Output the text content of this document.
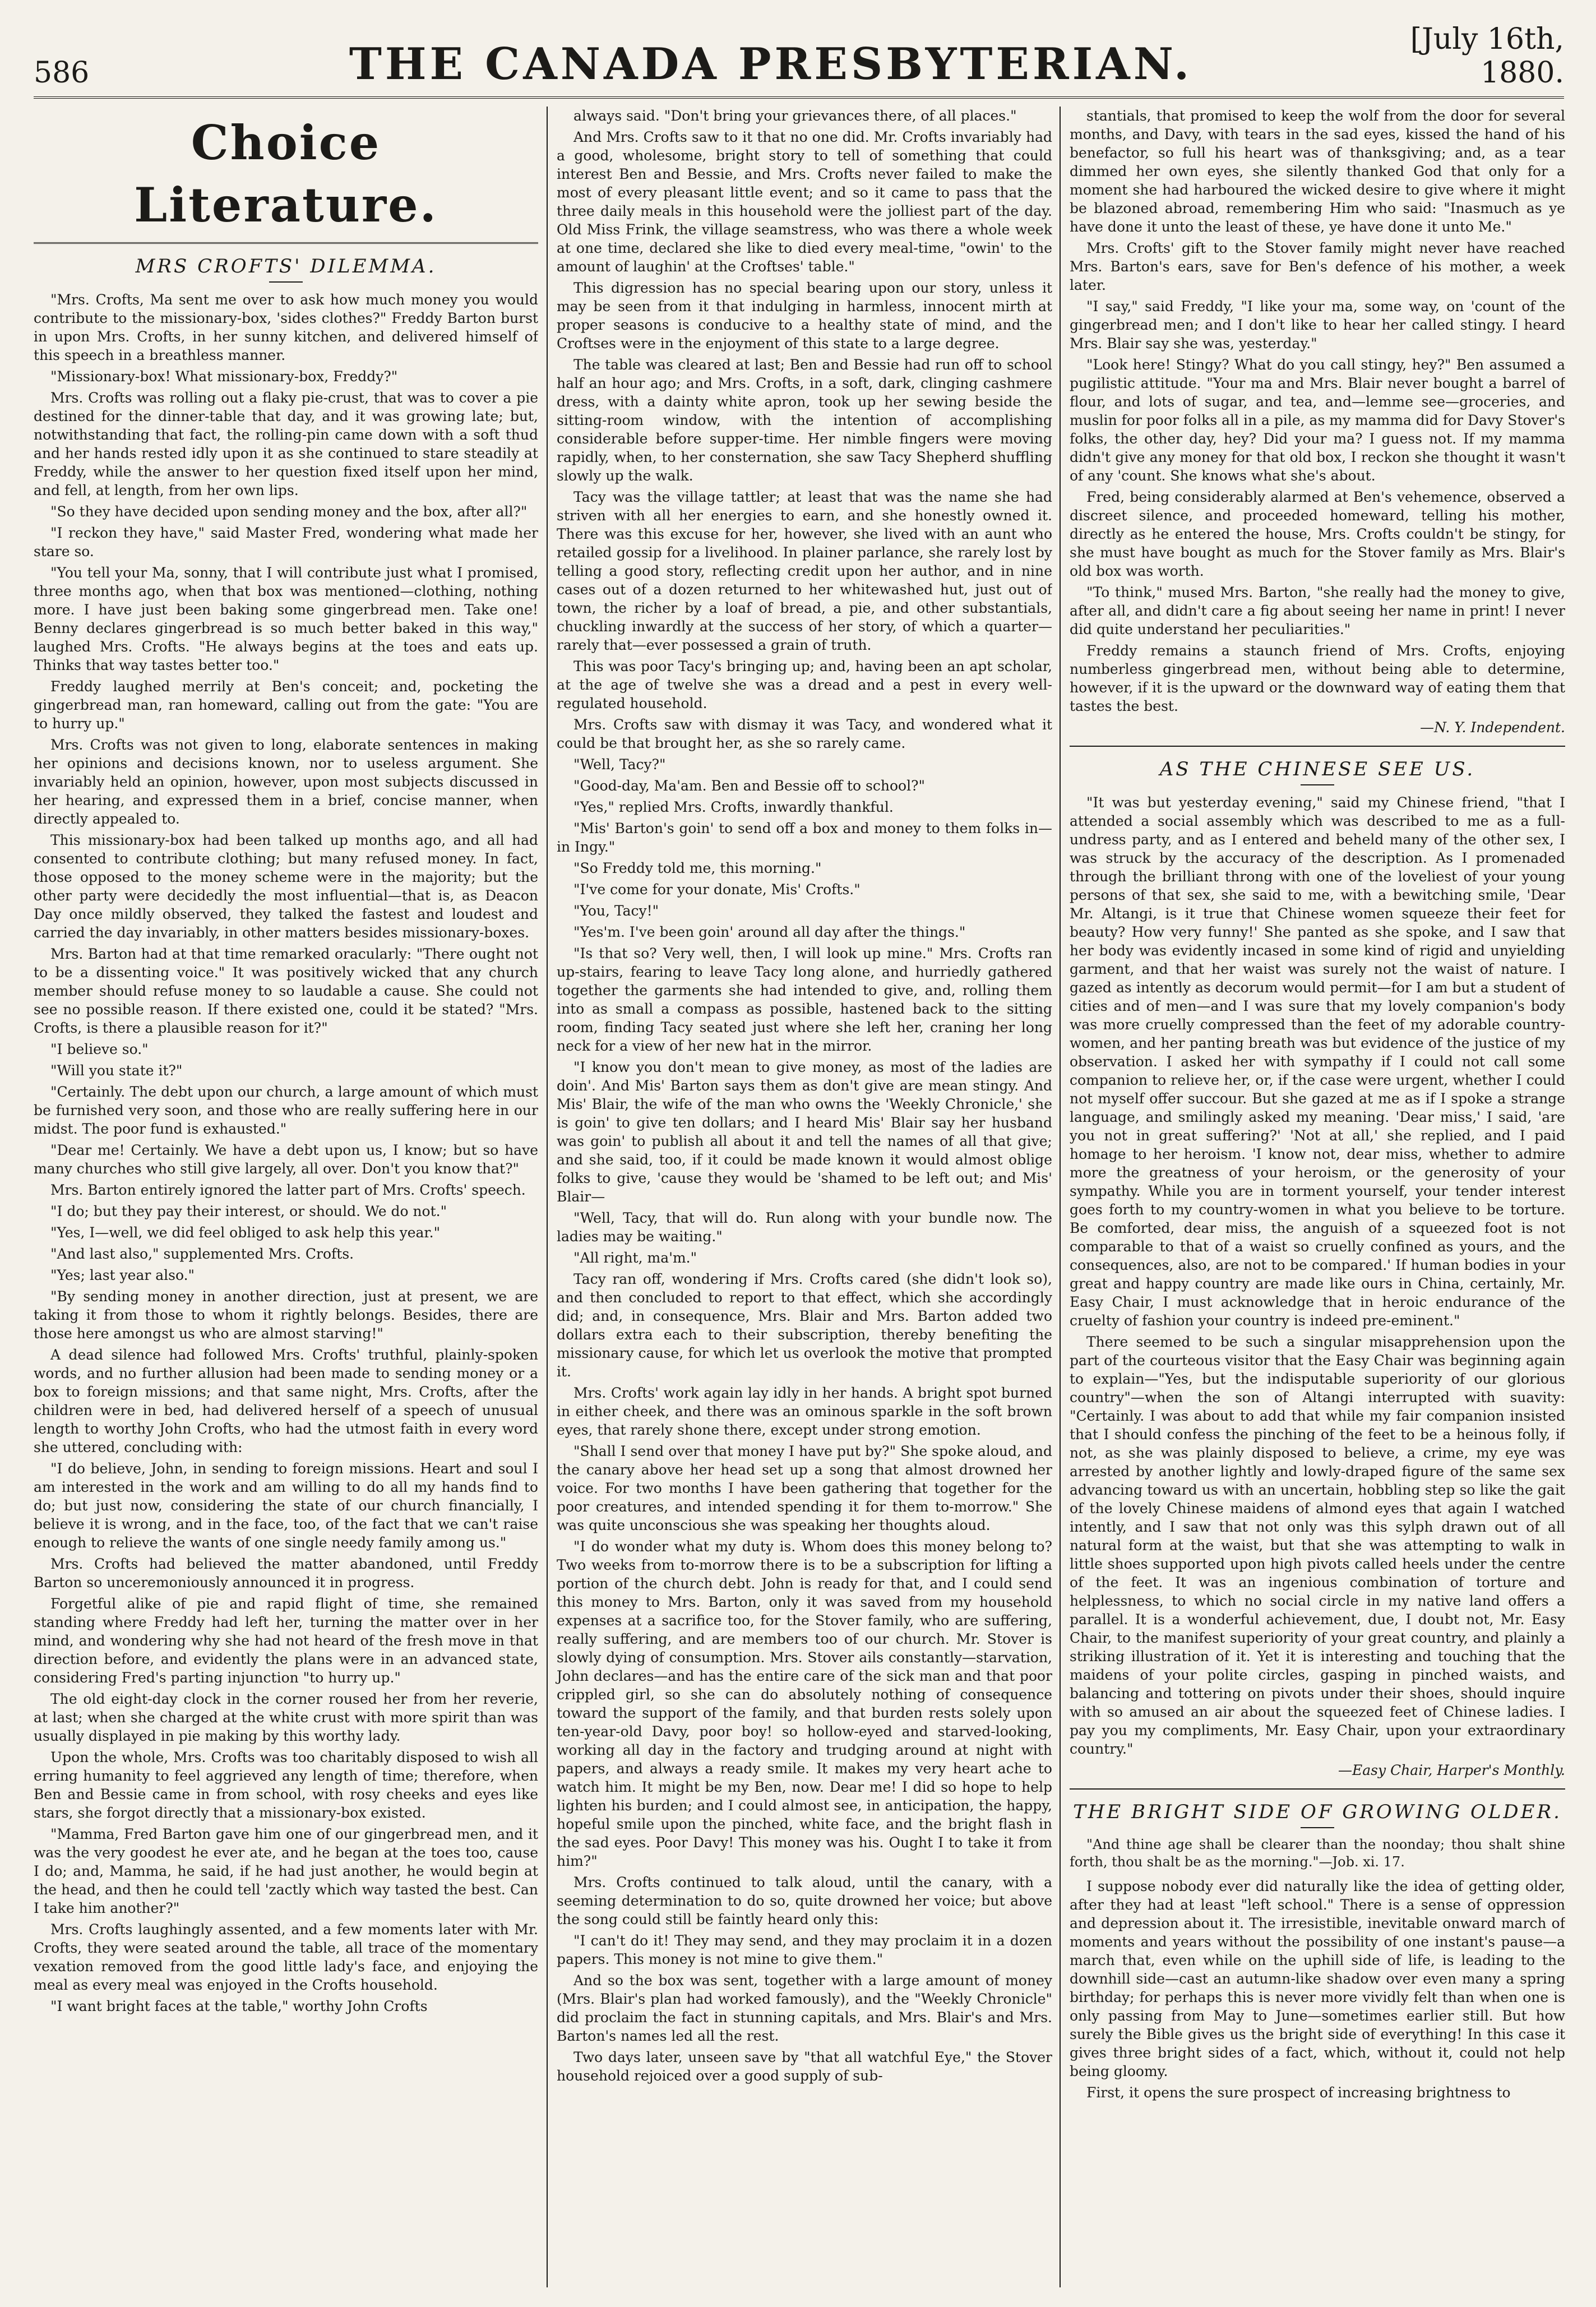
586	THE CANADA PRESBYTERIAN.	[July 16th, 1880.
Choice Literature.
MRS CROFTS' DILEMMA.

"Mrs. Crofts, Ma sent me over to ask how much money you would contribute to the missionary-box, 'sides clothes?" Freddy Barton burst in upon Mrs. Crofts, in her sunny kitchen, and delivered himself of this speech in a breathless manner.

"Missionary-box! What missionary-box, Freddy?"

Mrs. Crofts was rolling out a flaky pie-crust, that was to cover a pie destined for the dinner-table that day, and it was growing late; but, notwithstanding that fact, the rolling-pin came down with a soft thud and her hands rested idly upon it as she continued to stare steadily at Freddy, while the answer to her question fixed itself upon her mind, and fell, at length, from her own lips.

"So they have decided upon sending money and the box, after all?"

"I reckon they have," said Master Fred, wondering what made her stare so.

"You tell your Ma, sonny, that I will contribute just what I promised, three months ago, when that box was mentioned—clothing, nothing more. I have just been baking some gingerbread men. Take one! Benny declares gingerbread is so much better baked in this way," laughed Mrs. Crofts. "He always begins at the toes and eats up. Thinks that way tastes better too."

Freddy laughed merrily at Ben's conceit; and, pocketing the gingerbread man, ran homeward, calling out from the gate: "You are to hurry up."

Mrs. Crofts was not given to long, elaborate sentences in making her opinions and decisions known, nor to useless argument. She invariably held an opinion, however, upon most subjects discussed in her hearing, and expressed them in a brief, concise manner, when directly appealed to.

This missionary-box had been talked up months ago, and all had consented to contribute clothing; but many refused money. In fact, those opposed to the money scheme were in the majority; but the other party were decidedly the most influential—that is, as Deacon Day once mildly observed, they talked the fastest and loudest and carried the day invariably, in other matters besides missionary-boxes.

Mrs. Barton had at that time remarked oracularly: "There ought not to be a dissenting voice." It was positively wicked that any church member should refuse money to so laudable a cause. She could not see no possible reason. If there existed one, could it be stated? "Mrs. Crofts, is there a plausible reason for it?"

"I believe so."

"Will you state it?"

"Certainly. The debt upon our church, a large amount of which must be furnished very soon, and those who are really suffering here in our midst. The poor fund is exhausted."

"Dear me! Certainly. We have a debt upon us, I know; but so have many churches who still give largely, all over. Don't you know that?"

Mrs. Barton entirely ignored the latter part of Mrs. Crofts' speech.

"I do; but they pay their interest, or should. We do not."

"Yes, I—well, we did feel obliged to ask help this year."

"And last also," supplemented Mrs. Crofts.

"Yes; last year also."

"By sending money in another direction, just at present, we are taking it from those to whom it rightly belongs. Besides, there are those here amongst us who are almost starving!"

A dead silence had followed Mrs. Crofts' truthful, plainly-spoken words, and no further allusion had been made to sending money or a box to foreign missions; and that same night, Mrs. Crofts, after the children were in bed, had delivered herself of a speech of unusual length to worthy John Crofts, who had the utmost faith in every word she uttered, concluding with:

"I do believe, John, in sending to foreign missions. Heart and soul I am interested in the work and am willing to do all my hands find to do; but just now, considering the state of our church financially, I believe it is wrong, and in the face, too, of the fact that we can't raise enough to relieve the wants of one single needy family among us."

Mrs. Crofts had believed the matter abandoned, until Freddy Barton so unceremoniously announced it in progress.

Forgetful alike of pie and rapid flight of time, she remained standing where Freddy had left her, turning the matter over in her mind, and wondering why she had not heard of the fresh move in that direction before, and evidently the plans were in an advanced state, considering Fred's parting injunction "to hurry up."

The old eight-day clock in the corner roused her from her reverie, at last; when she charged at the white crust with more spirit than was usually displayed in pie making by this worthy lady.

Upon the whole, Mrs. Crofts was too charitably disposed to wish all erring humanity to feel aggrieved any length of time; therefore, when Ben and Bessie came in from school, with rosy cheeks and eyes like stars, she forgot directly that a missionary-box existed.

"Mamma, Fred Barton gave him one of our gingerbread men, and it was the very goodest he ever ate, and he began at the toes too, cause I do; and, Mamma, he said, if he had just another, he would begin at the head, and then he could tell 'zactly which way tasted the best. Can I take him another?"

Mrs. Crofts laughingly assented, and a few moments later with Mr. Crofts, they were seated around the table, all trace of the momentary vexation removed from the good little lady's face, and enjoying the meal as every meal was enjoyed in the Crofts household.

"I want bright faces at the table," worthy John Crofts

always said. "Don't bring your grievances there, of all places."

And Mrs. Crofts saw to it that no one did. Mr. Crofts invariably had a good, wholesome, bright story to tell of something that could interest Ben and Bessie, and Mrs. Crofts never failed to make the most of every pleasant little event; and so it came to pass that the three daily meals in this household were the jolliest part of the day. Old Miss Frink, the village seamstress, who was there a whole week at one time, declared she like to died every meal-time, "owin' to the amount of laughin' at the Croftses' table."

This digression has no special bearing upon our story, unless it may be seen from it that indulging in harmless, innocent mirth at proper seasons is conducive to a healthy state of mind, and the Croftses were in the enjoyment of this state to a large degree.

The table was cleared at last; Ben and Bessie had run off to school half an hour ago; and Mrs. Crofts, in a soft, dark, clinging cashmere dress, with a dainty white apron, took up her sewing beside the sitting-room window, with the intention of accomplishing considerable before supper-time. Her nimble fingers were moving rapidly, when, to her consternation, she saw Tacy Shepherd shuffling slowly up the walk.

Tacy was the village tattler; at least that was the name she had striven with all her energies to earn, and she honestly owned it. There was this excuse for her, however, she lived with an aunt who retailed gossip for a livelihood. In plainer parlance, she rarely lost by telling a good story, reflecting credit upon her author, and in nine cases out of a dozen returned to her whitewashed hut, just out of town, the richer by a loaf of bread, a pie, and other substantials, chuckling inwardly at the success of her story, of which a quarter—rarely that—ever possessed a grain of truth.

This was poor Tacy's bringing up; and, having been an apt scholar, at the age of twelve she was a dread and a pest in every well-regulated household.

Mrs. Crofts saw with dismay it was Tacy, and wondered what it could be that brought her, as she so rarely came.

"Well, Tacy?"

"Good-day, Ma'am. Ben and Bessie off to school?"

"Yes," replied Mrs. Crofts, inwardly thankful.

"Mis' Barton's goin' to send off a box and money to them folks in—in Ingy."

"So Freddy told me, this morning."

"I've come for your donate, Mis' Crofts."

"You, Tacy!"

"Yes'm. I've been goin' around all day after the things."

"Is that so? Very well, then, I will look up mine." Mrs. Crofts ran up-stairs, fearing to leave Tacy long alone, and hurriedly gathered together the garments she had intended to give, and, rolling them into as small a compass as possible, hastened back to the sitting room, finding Tacy seated just where she left her, craning her long neck for a view of her new hat in the mirror.

"I know you don't mean to give money, as most of the ladies are doin'. And Mis' Barton says them as don't give are mean stingy. And Mis' Blair, the wife of the man who owns the 'Weekly Chronicle,' she is goin' to give ten dollars; and I heard Mis' Blair say her husband was goin' to publish all about it and tell the names of all that give; and she said, too, if it could be made known it would almost oblige folks to give, 'cause they would be 'shamed to be left out; and Mis' Blair—

"Well, Tacy, that will do. Run along with your bundle now. The ladies may be waiting."

"All right, ma'm."

Tacy ran off, wondering if Mrs. Crofts cared (she didn't look so), and then concluded to report to that effect, which she accordingly did; and, in consequence, Mrs. Blair and Mrs. Barton added two dollars extra each to their subscription, thereby benefiting the missionary cause, for which let us overlook the motive that prompted it.

Mrs. Crofts' work again lay idly in her hands. A bright spot burned in either cheek, and there was an ominous sparkle in the soft brown eyes, that rarely shone there, except under strong emotion.

"Shall I send over that money I have put by?" She spoke aloud, and the canary above her head set up a song that almost drowned her voice. For two months I have been gathering that together for the poor creatures, and intended spending it for them to-morrow." She was quite unconscious she was speaking her thoughts aloud.

"I do wonder what my duty is. Whom does this money belong to? Two weeks from to-morrow there is to be a subscription for lifting a portion of the church debt. John is ready for that, and I could send this money to Mrs. Barton, only it was saved from my household expenses at a sacrifice too, for the Stover family, who are suffering, really suffering, and are members too of our church. Mr. Stover is slowly dying of consumption. Mrs. Stover ails constantly—starvation, John declares—and has the entire care of the sick man and that poor crippled girl, so she can do absolutely nothing of consequence toward the support of the family, and that burden rests solely upon ten-year-old Davy, poor boy! so hollow-eyed and starved-looking, working all day in the factory and trudging around at night with papers, and always a ready smile. It makes my very heart ache to watch him. It might be my Ben, now. Dear me! I did so hope to help lighten his burden; and I could almost see, in anticipation, the happy, hopeful smile upon the pinched, white face, and the bright flash in the sad eyes. Poor Davy! This money was his. Ought I to take it from him?"

Mrs. Crofts continued to talk aloud, until the canary, with a seeming determination to do so, quite drowned her voice; but above the song could still be faintly heard only this:

"I can't do it! They may send, and they may proclaim it in a dozen papers. This money is not mine to give them."

And so the box was sent, together with a large amount of money (Mrs. Blair's plan had worked famously), and the "Weekly Chronicle" did proclaim the fact in stunning capitals, and Mrs. Blair's and Mrs. Barton's names led all the rest.

Two days later, unseen save by "that all watchful Eye," the Stover household rejoiced over a good supply of sub-

stantials, that promised to keep the wolf from the door for several months, and Davy, with tears in the sad eyes, kissed the hand of his benefactor, so full his heart was of thanksgiving; and, as a tear dimmed her own eyes, she silently thanked God that only for a moment she had harboured the wicked desire to give where it might be blazoned abroad, remembering Him who said: "Inasmuch as ye have done it unto the least of these, ye have done it unto Me."

Mrs. Crofts' gift to the Stover family might never have reached Mrs. Barton's ears, save for Ben's defence of his mother, a week later.

"I say," said Freddy, "I like your ma, some way, on 'count of the gingerbread men; and I don't like to hear her called stingy. I heard Mrs. Blair say she was, yesterday."

"Look here! Stingy? What do you call stingy, hey?" Ben assumed a pugilistic attitude. "Your ma and Mrs. Blair never bought a barrel of flour, and lots of sugar, and tea, and—lemme see—groceries, and muslin for poor folks all in a pile, as my mamma did for Davy Stover's folks, the other day, hey? Did your ma? I guess not. If my mamma didn't give any money for that old box, I reckon she thought it wasn't of any 'count. She knows what she's about.

Fred, being considerably alarmed at Ben's vehemence, observed a discreet silence, and proceeded homeward, telling his mother, directly as he entered the house, Mrs. Crofts couldn't be stingy, for she must have bought as much for the Stover family as Mrs. Blair's old box was worth.

"To think," mused Mrs. Barton, "she really had the money to give, after all, and didn't care a fig about seeing her name in print! I never did quite understand her peculiarities."

Freddy remains a staunch friend of Mrs. Crofts, enjoying numberless gingerbread men, without being able to determine, however, if it is the upward or the downward way of eating them that tastes the best.

—N. Y. Independent.
AS THE CHINESE SEE US.

"It was but yesterday evening," said my Chinese friend, "that I attended a social assembly which was described to me as a full-undress party, and as I entered and beheld many of the other sex, I was struck by the accuracy of the description. As I promenaded through the brilliant throng with one of the loveliest of your young persons of that sex, she said to me, with a bewitching smile, 'Dear Mr. Altangi, is it true that Chinese women squeeze their feet for beauty? How very funny!' She panted as she spoke, and I saw that her body was evidently incased in some kind of rigid and unyielding garment, and that her waist was surely not the waist of nature. I gazed as intently as decorum would permit—for I am but a student of cities and of men—and I was sure that my lovely companion's body was more cruelly compressed than the feet of my adorable country-women, and her panting breath was but evidence of the justice of my observation. I asked her with sympathy if I could not call some companion to relieve her, or, if the case were urgent, whether I could not myself offer succour. But she gazed at me as if I spoke a strange language, and smilingly asked my meaning. 'Dear miss,' I said, 'are you not in great suffering?' 'Not at all,' she replied, and I paid homage to her heroism. 'I know not, dear miss, whether to admire more the greatness of your heroism, or the generosity of your sympathy. While you are in torment yourself, your tender interest goes forth to my country-women in what you believe to be torture. Be comforted, dear miss, the anguish of a squeezed foot is not comparable to that of a waist so cruelly confined as yours, and the consequences, also, are not to be compared.' If human bodies in your great and happy country are made like ours in China, certainly, Mr. Easy Chair, I must acknowledge that in heroic endurance of the cruelty of fashion your country is indeed pre-eminent."

There seemed to be such a singular misapprehension upon the part of the courteous visitor that the Easy Chair was beginning again to explain—"Yes, but the indisputable superiority of our glorious country"—when the son of Altangi interrupted with suavity: "Certainly. I was about to add that while my fair companion insisted that I should confess the pinching of the feet to be a heinous folly, if not, as she was plainly disposed to believe, a crime, my eye was arrested by another lightly and lowly-draped figure of the same sex advancing toward us with an uncertain, hobbling step so like the gait of the lovely Chinese maidens of almond eyes that again I watched intently, and I saw that not only was this sylph drawn out of all natural form at the waist, but that she was attempting to walk in little shoes supported upon high pivots called heels under the centre of the feet. It was an ingenious combination of torture and helplessness, to which no social circle in my native land offers a parallel. It is a wonderful achievement, due, I doubt not, Mr. Easy Chair, to the manifest superiority of your great country, and plainly a striking illustration of it. Yet it is interesting and touching that the maidens of your polite circles, gasping in pinched waists, and balancing and tottering on pivots under their shoes, should inquire with so amused an air about the squeezed feet of Chinese ladies. I pay you my compliments, Mr. Easy Chair, upon your extraordinary country."

—Easy Chair, Harper's Monthly.
THE BRIGHT SIDE OF GROWING OLDER.
"And thine age shall be clearer than the noonday; thou shalt shine forth, thou shalt be as the morning."—Job. xi. 17.

I suppose nobody ever did naturally like the idea of getting older, after they had at least "left school." There is a sense of oppression and depression about it. The irresistible, inevitable onward march of moments and years without the possibility of one instant's pause—a march that, even while on the uphill side of life, is leading to the downhill side—cast an autumn-like shadow over even many a spring birthday; for perhaps this is never more vividly felt than when one is only passing from May to June—sometimes earlier still. But how surely the Bible gives us the bright side of everything! In this case it gives three bright sides of a fact, which, without it, could not help being gloomy.

First, it opens the sure prospect of increasing brightness to
